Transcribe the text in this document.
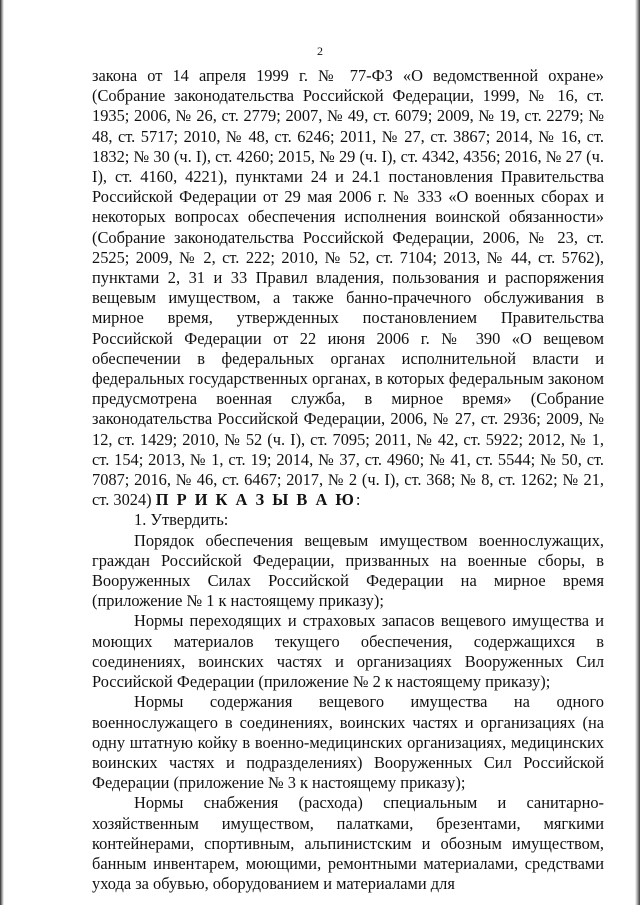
2

закона от 14 апреля 1999 г. № 77-ФЗ «О ведомственной охране» (Собрание законодательства Российской Федерации, 1999, № 16, ст. 1935; 2006, № 26, ст. 2779; 2007, № 49, ст. 6079; 2009, № 19, ст. 2279; № 48, ст. 5717; 2010, № 48, ст. 6246; 2011, № 27, ст. 3867; 2014, № 16, ст. 1832; № 30 (ч. I), ст. 4260; 2015, № 29 (ч. I), ст. 4342, 4356; 2016, № 27 (ч. I), ст. 4160, 4221), пунктами 24 и 24.1 постановления Правительства Российской Федерации от 29 мая 2006 г. № 333 «О военных сборах и некоторых вопросах обеспечения исполнения воинской обязанности» (Собрание законодательства Российской Федерации, 2006, № 23, ст. 2525; 2009, № 2, ст. 222; 2010, № 52, ст. 7104; 2013, № 44, ст. 5762), пунктами 2, 31 и 33 Правил владения, пользования и распоряжения вещевым имуществом, а также банно-прачечного обслуживания в мирное время, утвержденных постановлением Правительства Российской Федерации от 22 июня 2006 г. № 390 «О вещевом обеспечении в федеральных органах исполнительной власти и федеральных государственных органах, в которых федеральным законом предусмотрена военная служба, в мирное время» (Собрание законодательства Российской Федерации, 2006, № 27, ст. 2936; 2009, № 12, ст. 1429; 2010, № 52 (ч. I), ст. 7095; 2011, № 42, ст. 5922; 2012, № 1, ст. 154; 2013, № 1, ст. 19; 2014, № 37, ст. 4960; № 41, ст. 5544; № 50, ст. 7087; 2016, № 46, ст. 6467; 2017, № 2 (ч. I), ст. 368; № 8, ст. 1262; № 21, ст. 3024) П Р И К А З Ы В А Ю:

1. Утвердить:

Порядок обеспечения вещевым имуществом военнослужащих, граждан Российской Федерации, призванных на военные сборы, в Вооруженных Силах Российской Федерации на мирное время (приложение № 1 к настоящему приказу);

Нормы переходящих и страховых запасов вещевого имущества и моющих материалов текущего обеспечения, содержащихся в соединениях, воинских частях и организациях Вооруженных Сил Российской Федерации (приложение № 2 к настоящему приказу);

Нормы содержания вещевого имущества на одного военнослужащего в соединениях, воинских частях и организациях (на одну штатную койку в военно-медицинских организациях, медицинских воинских частях и подразделениях) Вооруженных Сил Российской Федерации (приложение № 3 к настоящему приказу);

Нормы снабжения (расхода) специальным и санитарно-хозяйственным имуществом, палатками, брезентами, мягкими контейнерами, спортивным, альпинистским и обозным имуществом, банным инвентарем, моющими, ремонтными материалами, средствами ухода за обувью, оборудованием и материалами для
